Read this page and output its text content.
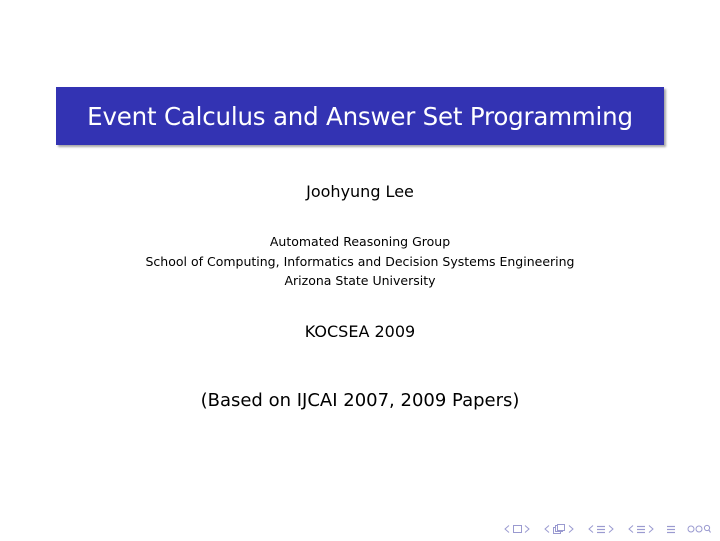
Event Calculus and Answer Set Programming
Joohyung Lee
Automated Reasoning Group
School of Computing, Informatics and Decision Systems Engineering
Arizona State University
KOCSEA 2009
(Based on IJCAI 2007, 2009 Papers)
